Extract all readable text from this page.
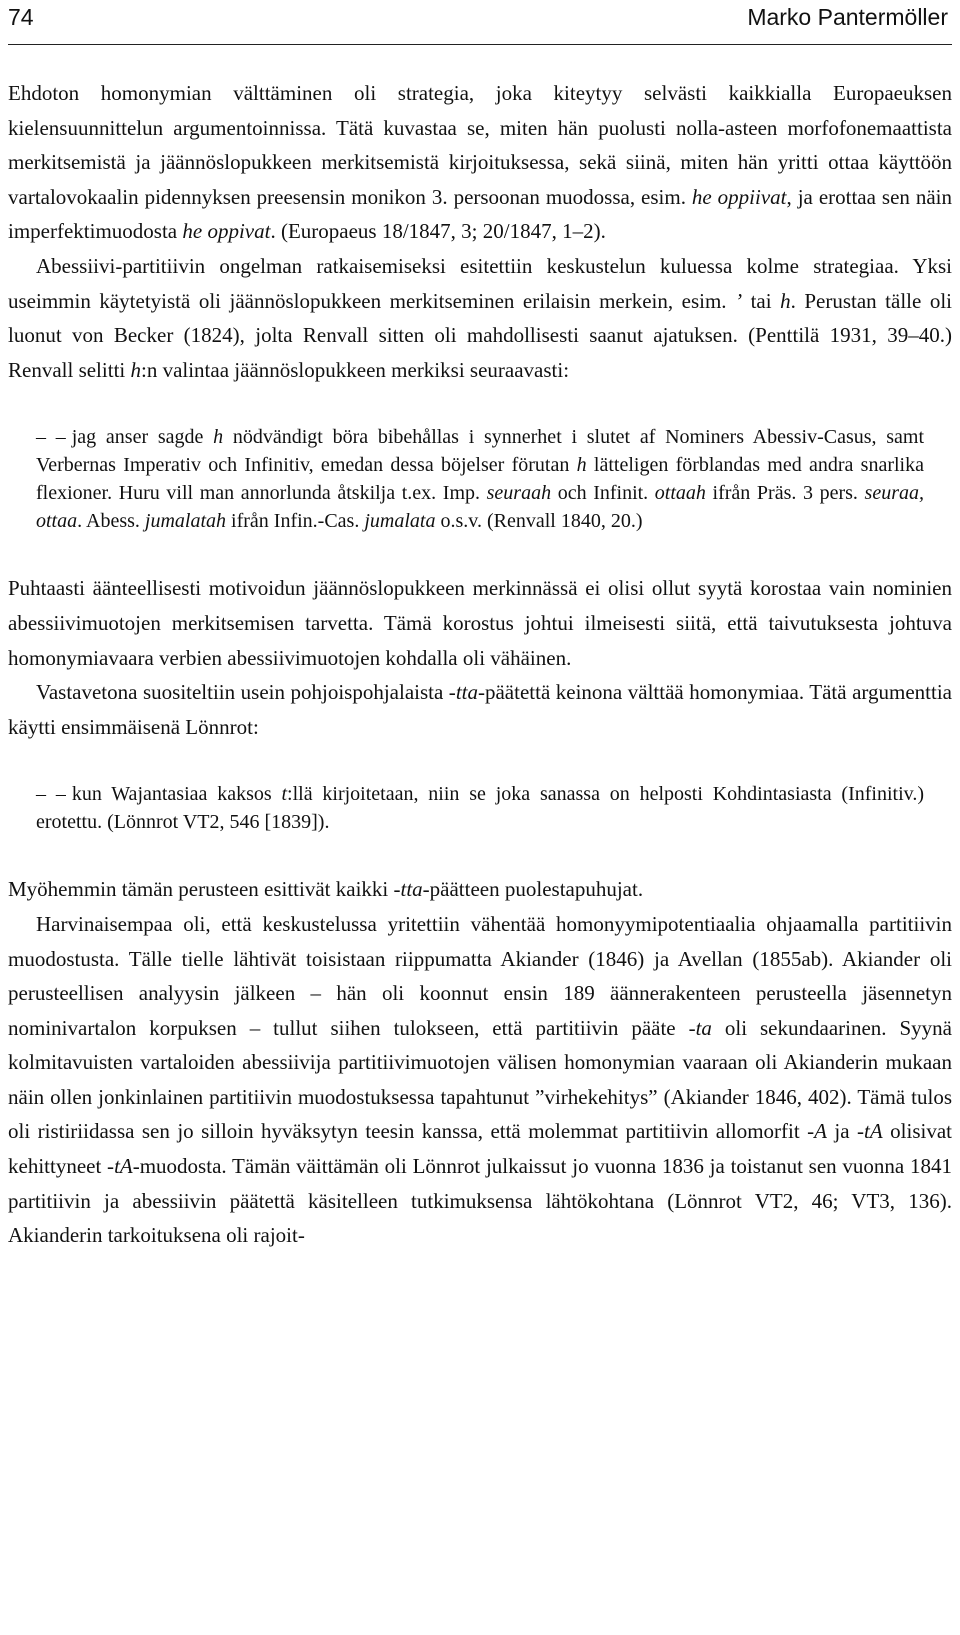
74	Marko Pantermöller

Ehdoton homonymian välttäminen oli strategia, joka kiteytyy selvästi kaikkialla Europaeuksen kielensuunnittelun argumentoinnissa. Tätä kuvastaa se, miten hän puolusti nolla-asteen morfofonemaattista merkitsemistä ja jäännöslopukkeen merkitsemistä kirjoituksessa, sekä siinä, miten hän yritti ottaa käyttöön vartalovokaalin pidennyksen preesensin monikon 3. persoonan muodossa, esim. he oppiivat, ja erottaa sen näin imperfektimuodosta he oppivat. (Europaeus 18/1847, 3; 20/1847, 1–2).

Abessiivi-partitiivin ongelman ratkaisemiseksi esitettiin keskustelun kuluessa kolme strategiaa. Yksi useimmin käytetyistä oli jäännöslopukkeen merkitseminen erilaisin merkein, esim. ’ tai h. Perustan tälle oli luonut von Becker (1824), jolta Renvall sitten oli mahdollisesti saanut ajatuksen. (Penttilä 1931, 39–40.) Renvall selitti h:n valintaa jäännöslopukkeen merkiksi seuraavasti:

– – jag anser sagde h nödvändigt böra bibehållas i synnerhet i slutet af Nominers Abessiv-Casus, samt Verbernas Imperativ och Infinitiv, emedan dessa böjelser förutan h lätteligen förblandas med andra snarlika flexioner. Huru vill man annorlunda åtskilja t.ex. Imp. seuraah och Infinit. ottaah ifrån Präs. 3 pers. seuraa, ottaa. Abess. jumalatah ifrån Infin.-Cas. jumalata o.s.v. (Renvall 1840, 20.)

Puhtaasti äänteellisesti motivoidun jäännöslopukkeen merkinnässä ei olisi ollut syytä korostaa vain nominien abessiivimuotojen merkitsemisen tarvetta. Tämä korostus johtui ilmeisesti siitä, että taivutuksesta johtuva homonymiavaara verbien abessiivimuotojen kohdalla oli vähäinen.

Vastavetona suositeltiin usein pohjoispohjalaista -tta-päätettä keinona välttää homonymiaa. Tätä argumenttia käytti ensimmäisenä Lönnrot:

– – kun Wajantasiaa kaksos t:llä kirjoitetaan, niin se joka sanassa on helposti Kohdintasiasta (Infinitiv.) erotettu. (Lönnrot VT2, 546 [1839]).

Myöhemmin tämän perusteen esittivät kaikki -tta-päätteen puolestapuhujat.

Harvinaisempaa oli, että keskustelussa yritettiin vähentää homonyymipotentiaalia ohjaamalla partitiivin muodostusta. Tälle tielle lähtivät toisistaan riippumatta Akiander (1846) ja Avellan (1855ab). Akiander oli perusteellisen analyysin jälkeen – hän oli koonnut ensin 189 äännerakenteen perusteella jäsennetyn nominivartalon korpuksen – tullut siihen tulokseen, että partitiivin pääte -ta oli sekundaarinen. Syynä kolmitavuisten vartaloiden abessiivija partitiivimuotojen välisen homonymian vaaraan oli Akianderin mukaan näin ollen jonkinlainen partitiivin muodostuksessa tapahtunut ”virhekehitys” (Akiander 1846, 402). Tämä tulos oli ristiriidassa sen jo silloin hyväksytyn teesin kanssa, että molemmat partitiivin allomorfit -A ja -tA olisivat kehittyneet -tA-muodosta. Tämän väittämän oli Lönnrot julkaissut jo vuonna 1836 ja toistanut sen vuonna 1841 partitiivin ja abessiivin päätettä käsitelleen tutkimuksensa lähtökohtana (Lönnrot VT2, 46; VT3, 136). Akianderin tarkoituksena oli rajoit-
